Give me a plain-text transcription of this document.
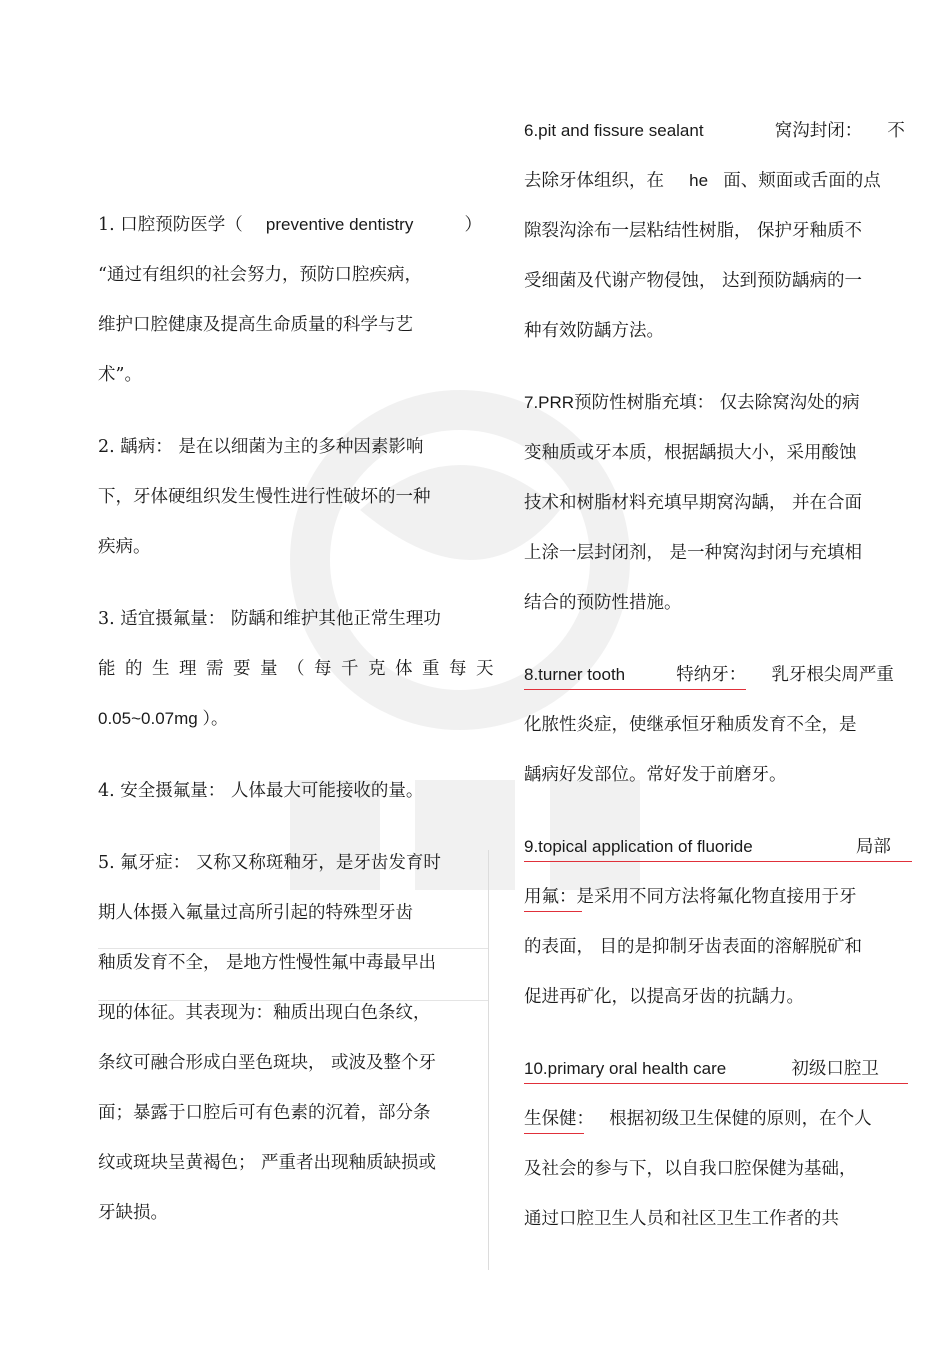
1. 口腔预防医学（ preventive dentistry	）
“通过有组织的社会努力，预防口腔疾病，
维护口腔健康及提高生命质量的科学与艺
术”。
2. 龋病： 是在以细菌为主的多种因素影响
下，牙体硬组织发生慢性进行性破坏的一种
疾病。
3. 适宜摄氟量： 防龋和维护其他正常生理功
能的生理需要量（每千克体重每天
0.05~0.07mg ）。
4. 安全摄氟量： 人体最大可能接收的量。
5. 氟牙症： 又称又称斑釉牙，是牙齿发育时
期人体摄入氟量过高所引起的特殊型牙齿
釉质发育不全， 是地方性慢性氟中毒最早出
现的体征。其表现为：釉质出现白色条纹，
条纹可融合形成白垩色斑块， 或波及整个牙
面；暴露于口腔后可有色素的沉着，部分条
纹或斑块呈黄褐色； 严重者出现釉质缺损或
牙缺损。
6.pit and fissure sealant	窝沟封闭： 不
去除牙体组织，在 he 面、颊面或舌面的点
隙裂沟涂布一层粘结性树脂， 保护牙釉质不
受细菌及代谢产物侵蚀， 达到预防龋病的一
种有效防龋方法。
7.PRR预防性树脂充填： 仅去除窝沟处的病
变釉质或牙本质，根据龋损大小，采用酸蚀
技术和树脂材料充填早期窝沟龋， 并在合面
上涂一层封闭剂， 是一种窝沟封闭与充填相
结合的预防性措施。
8.turner tooth	特纳牙： 乳牙根尖周严重
化脓性炎症，使继承恒牙釉质发育不全，是
龋病好发部位。常好发于前磨牙。
9.topical application of fluoride	局部
用氟：是采用不同方法将氟化物直接用于牙
的表面， 目的是抑制牙齿表面的溶解脱矿和
促进再矿化，以提高牙齿的抗龋力。
10.primary oral health care	初级口腔卫
生保健： 根据初级卫生保健的原则，在个人
及社会的参与下，以自我口腔保健为基础，
通过口腔卫生人员和社区卫生工作者的共
